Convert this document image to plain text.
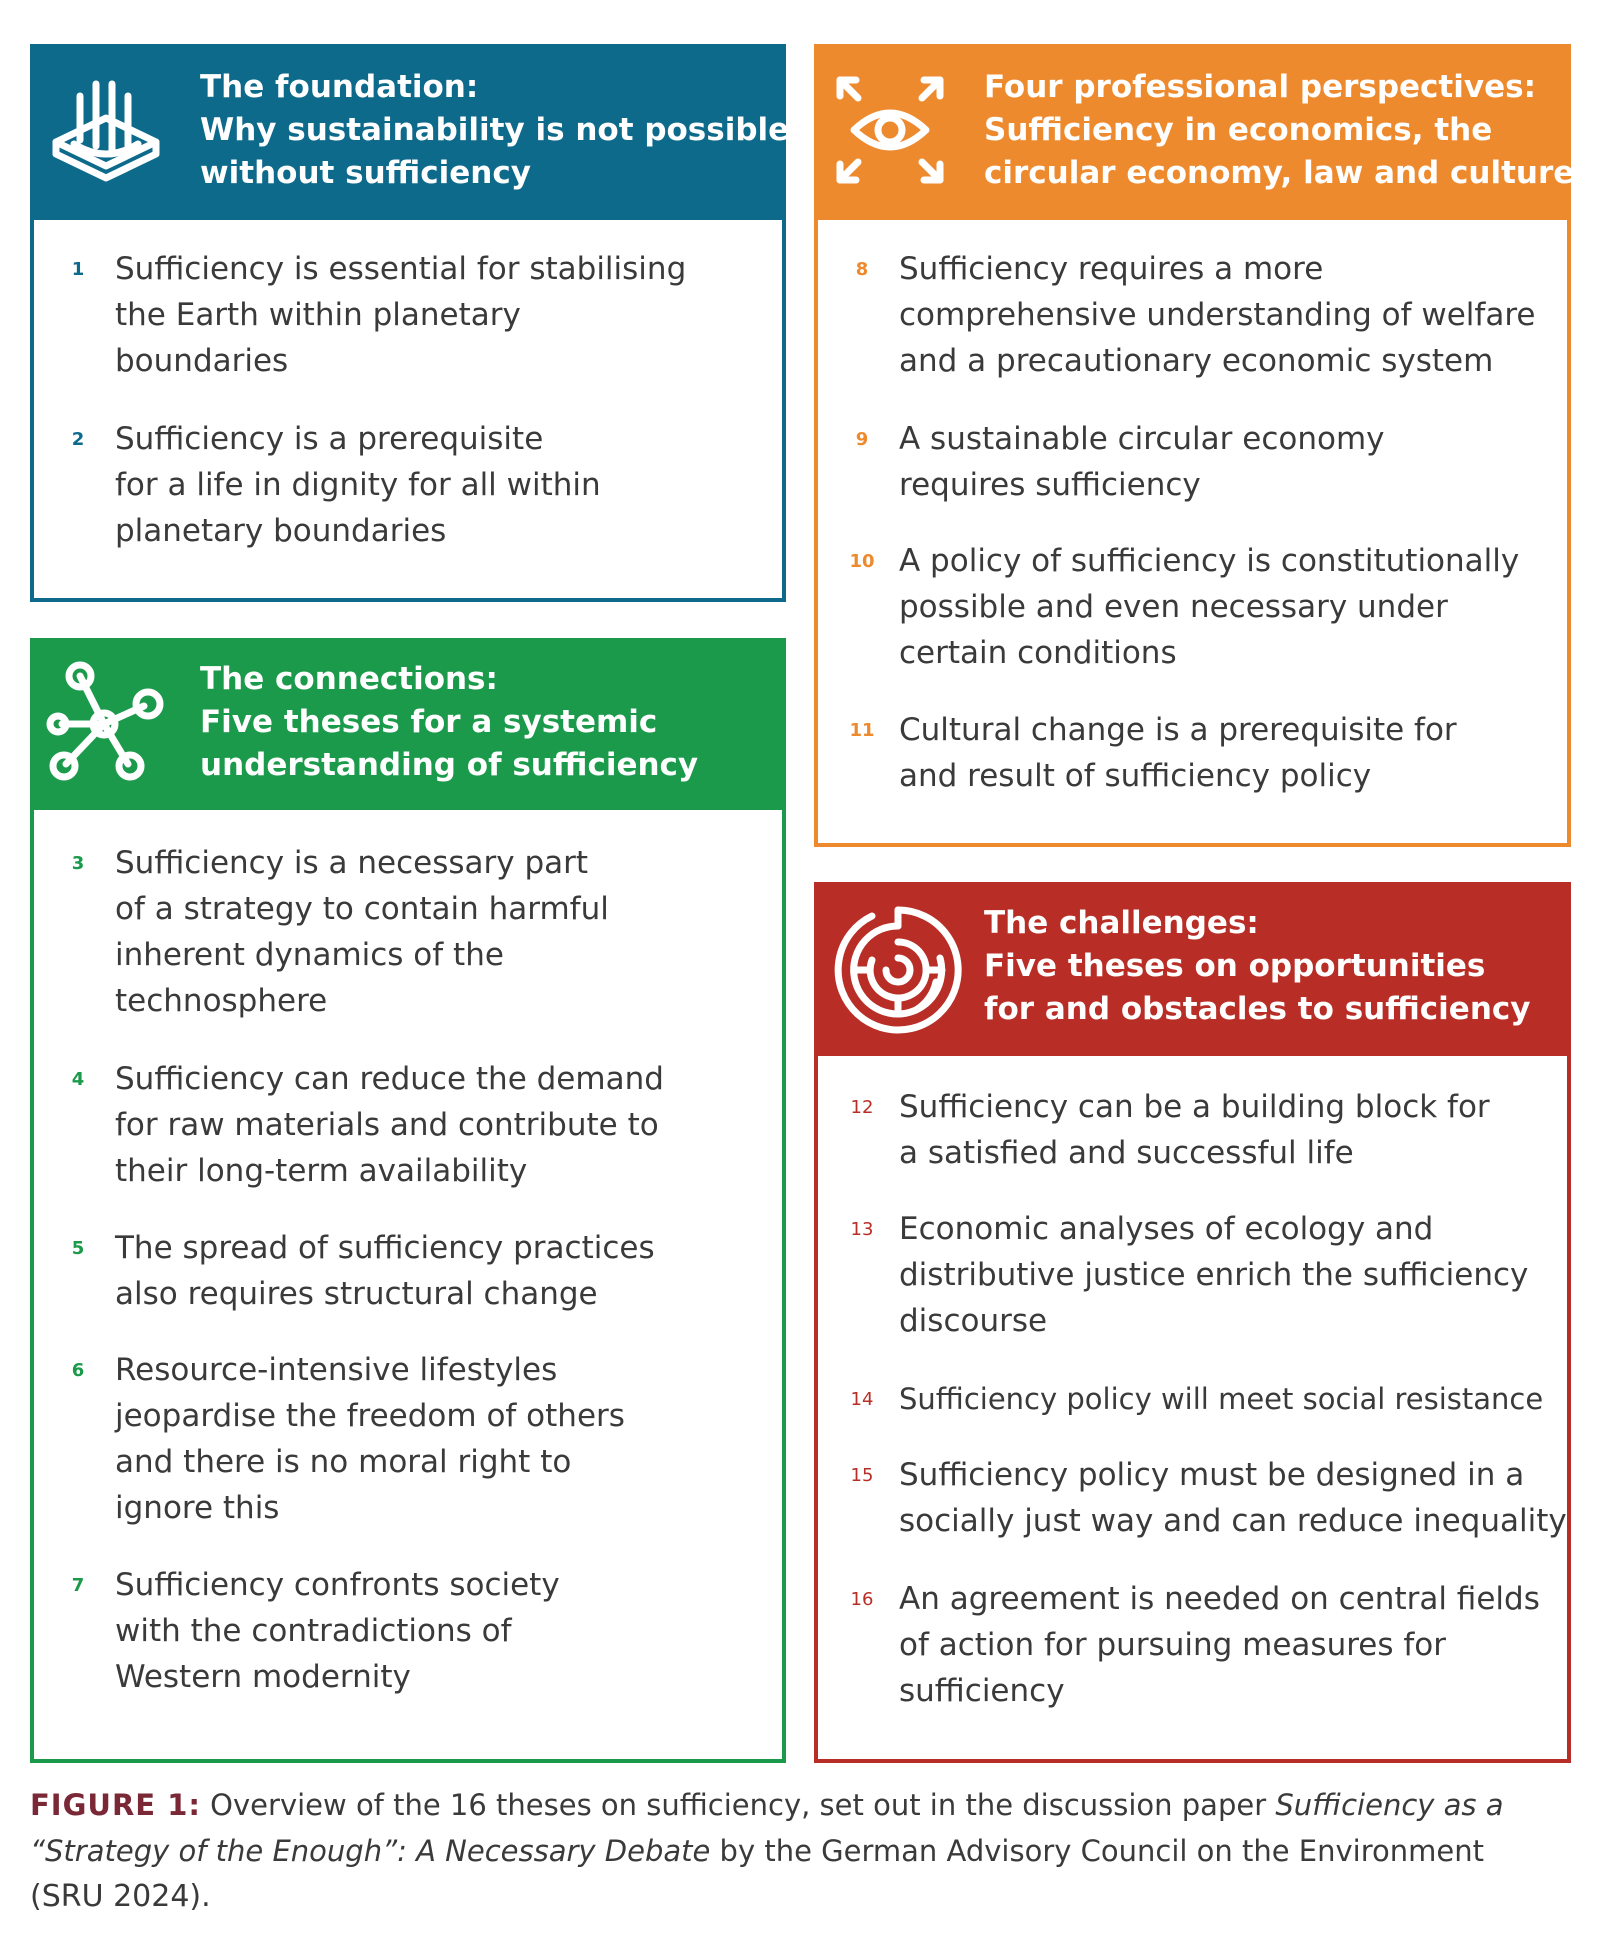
The foundation:
Why sustainability is not possible
without sufficiency
1 Sufficiency is essential for stabilising
the Earth within planetary
boundaries
2 Sufficiency is a prerequisite
for a life in dignity for all within
planetary boundaries
The connections:
Five theses for a systemic
understanding of sufficiency
3 Sufficiency is a necessary part
of a strategy to contain harmful
inherent dynamics of the
technosphere
4 Sufficiency can reduce the demand
for raw materials and contribute to
their long-term availability
5 The spread of sufficiency practices
also requires structural change
6 Resource-intensive lifestyles
jeopardise the freedom of others
and there is no moral right to
ignore this
7 Sufficiency confronts society
with the contradictions of
Western modernity
Four professional perspectives:
Sufficiency in economics, the
circular economy, law and culture
8 Sufficiency requires a more
comprehensive understanding of welfare
and a precautionary economic system
9 A sustainable circular economy
requires sufficiency
10 A policy of sufficiency is constitutionally
possible and even necessary under
certain conditions
11 Cultural change is a prerequisite for
and result of sufficiency policy
The challenges:
Five theses on opportunities
for and obstacles to sufficiency
12 Sufficiency can be a building block for
a satisfied and successful life
13 Economic analyses of ecology and
distributive justice enrich the sufficiency
discourse
14 Sufficiency policy will meet social resistance
15 Sufficiency policy must be designed in a
socially just way and can reduce inequality
16 An agreement is needed on central fields
of action for pursuing measures for
sufficiency
FIGURE 1: Overview of the 16 theses on sufficiency, set out in the discussion paper Sufficiency as a
“Strategy of the Enough”: A Necessary Debate by the German Advisory Council on the Environment
(SRU 2024).
